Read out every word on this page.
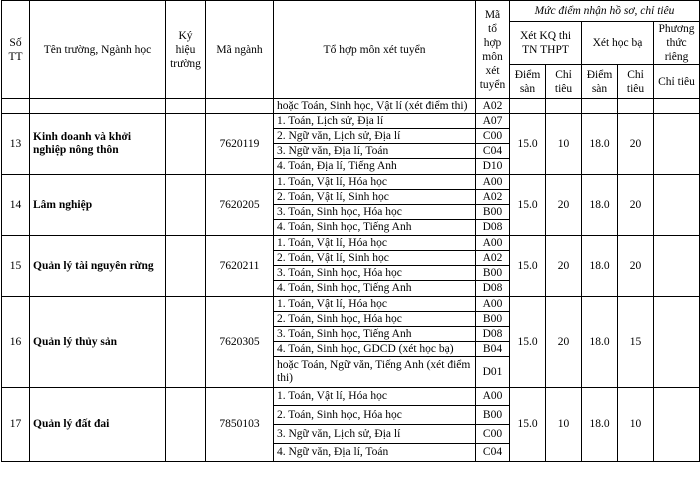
Số TT	Tên trường, Ngành học	Ký hiệu trường	Mã ngành	Tổ hợp môn xét tuyển	Mã tổ hợp môn xét tuyển	Mức điểm nhận hồ sơ, chỉ tiêu				
						Xét KQ thi TN THPT		Xét học bạ		Phương thức riêng
						Điểm sàn	Chỉ tiêu	Điểm sàn	Chỉ tiêu	Chỉ tiêu
				hoặc Toán, Sinh học, Vật lí (xét điểm thi)	A02					
13	Kinh doanh và khởi nghiệp nông thôn		7620119	1. Toán, Lịch sử, Địa lí	A07	15.0	10	18.0	20	
				2. Ngữ văn, Lịch sử, Địa lí	C00					
				3. Ngữ văn, Địa lí, Toán	C04					
				4. Toán, Địa lí, Tiếng Anh	D10					
14	Lâm nghiệp		7620205	1. Toán, Vật lí, Hóa học	A00	15.0	20	18.0	20	
				2. Toán, Vật lí, Sinh học	A02					
				3. Toán, Sinh học, Hóa học	B00					
				4. Toán, Sinh học, Tiếng Anh	D08					
15	Quản lý tài nguyên rừng		7620211	1. Toán, Vật lí, Hóa học	A00	15.0	20	18.0	20	
				2. Toán, Vật lí, Sinh học	A02					
				3. Toán, Sinh học, Hóa học	B00					
				4. Toán, Sinh học, Tiếng Anh	D08					
16	Quản lý thủy sản		7620305	1. Toán, Vật lí, Hóa học	A00	15.0	20	18.0	15	
				2. Toán, Sinh học, Hóa học	B00					
				3. Toán, Sinh học, Tiếng Anh	D08					
				4. Toán, Sinh học, GDCD (xét học bạ)	B04					
				hoặc Toán, Ngữ văn, Tiếng Anh (xét điểm thi)	D01					
17	Quản lý đất đai		7850103	1. Toán, Vật lí, Hóa học	A00	15.0	10	18.0	10	
				2. Toán, Sinh học, Hóa học	B00					
				3. Ngữ văn, Lịch sử, Địa lí	C00					
				4. Ngữ văn, Địa lí, Toán	C04					
